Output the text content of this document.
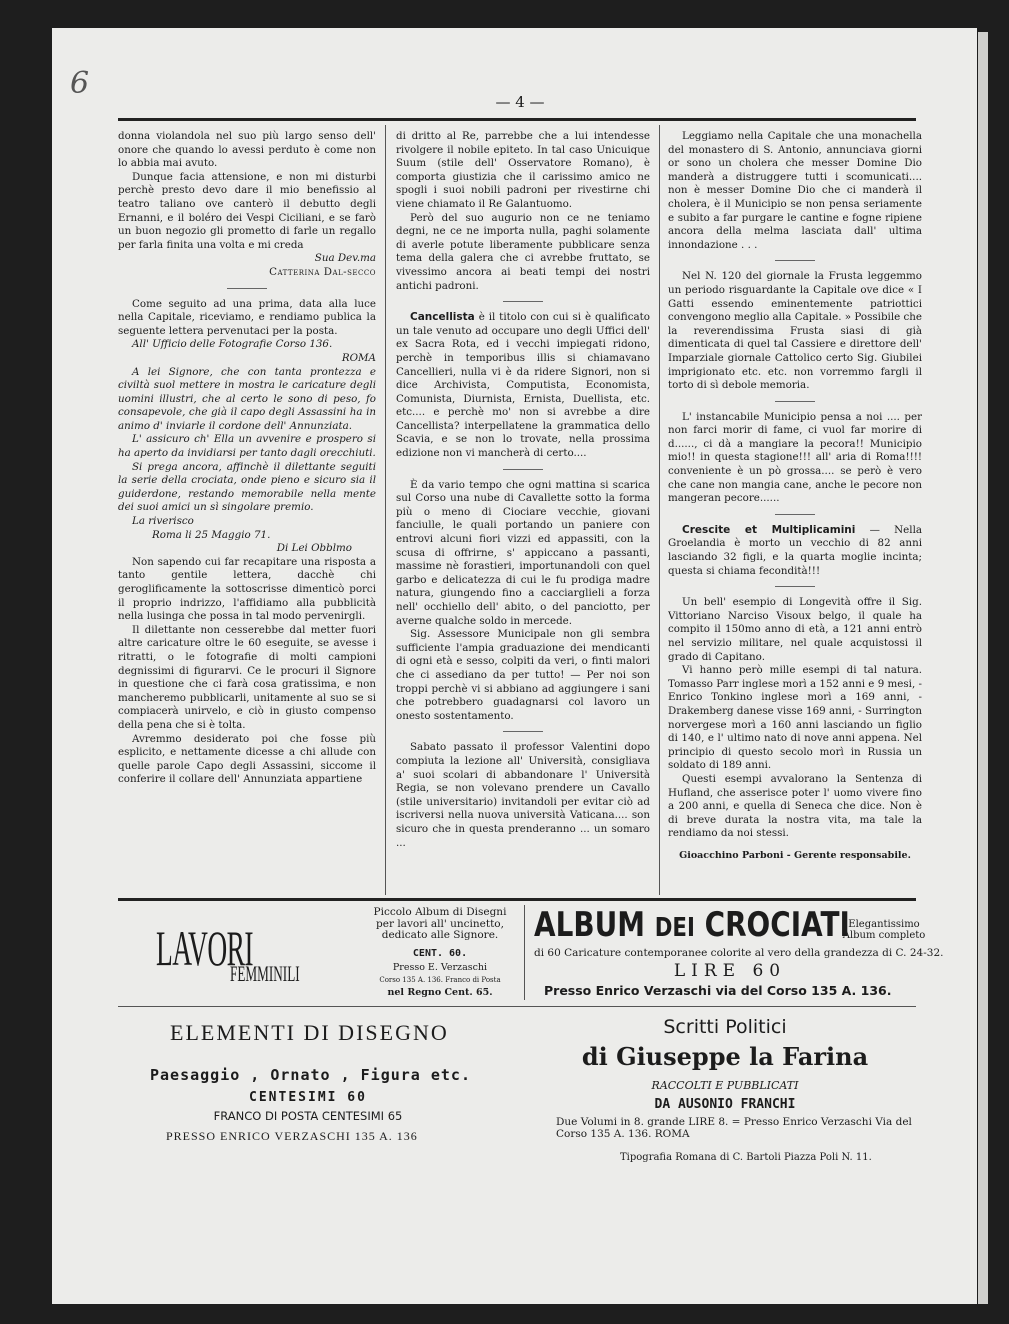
6
— 4 —

donna violandola nel suo più largo senso dell' onore che quando lo avessi perduto è come non lo abbia mai avuto.

Dunque facia attensione, e non mi disturbi perchè presto devo dare il mio benefissio al teatro taliano ove canterò il debutto degli Ernanni, e il boléro dei Vespi Ciciliani, e se farò un buon negozio gli prometto di farle un regallo per farla finita una volta e mi creda

Sua Dev.ma

Catterina Dal-secco

Come seguito ad una prima, data alla luce nella Capitale, riceviamo, e rendiamo publica la seguente lettera pervenutaci per la posta.

All' Ufficio delle Fotografie Corso 136.

ROMA

A lei Signore, che con tanta prontezza e civiltà suol mettere in mostra le caricature degli uomini illustri, che al certo le sono di peso, fo consapevole, che già il capo degli Assassini ha in animo d' inviarle il cordone dell' Annunziata.

L' assicuro ch' Ella un avvenire e prospero si ha aperto da invidiarsi per tanto dagli orecchiuti.

Si prega ancora, affinchè il dilettante seguiti la serie della crociata, onde pieno e sicuro sia il guiderdone, restando memorabile nella mente dei suoi amici un sì singolare premio.

La riverisco

Roma li 25 Maggio 71.

Di Lei Obblmo

Non sapendo cui far recapitare una risposta a tanto gentile lettera, dacchè chi geroglificamente la sottoscrisse dimenticò porci il proprio indrizzo, l'affidiamo alla pubblicità nella lusinga che possa in tal modo pervenirgli.

Il dilettante non cesserebbe dal metter fuori altre caricature oltre le 60 eseguite, se avesse i ritratti, o le fotografie di molti campioni degnissimi di figurarvi. Ce le procuri il Signore in questione che ci farà cosa gratissima, e non mancheremo pubblicarli, unitamente al suo se si compiacerà unirvelo, e ciò in giusto compenso della pena che si è tolta.

Avremmo desiderato poi che fosse più esplicito, e nettamente dicesse a chi allude con quelle parole Capo degli Assassini, siccome il conferire il collare dell' Annunziata appartiene

di dritto al Re, parrebbe che a lui intendesse rivolgere il nobile epiteto. In tal caso Unicuique Suum (stile dell' Osservatore Romano), è comporta giustizia che il carissimo amico ne spogli i suoi nobili padroni per rivestirne chi viene chiamato il Re Galantuomo.

Però del suo augurio non ce ne teniamo degni, ne ce ne importa nulla, paghi solamente di averle potute liberamente pubblicare senza tema della galera che ci avrebbe fruttato, se vivessimo ancora ai beati tempi dei nostri antichi padroni.

Cancellista è il titolo con cui si è qualificato un tale venuto ad occupare uno degli Uffici dell' ex Sacra Rota, ed i vecchi impiegati ridono, perchè in temporibus illis si chiamavano Cancellieri, nulla vi è da ridere Signori, non si dice Archivista, Computista, Economista, Comunista, Diurnista, Ernista, Duellista, etc. etc.... e perchè mo' non si avrebbe a dire Cancellista? interpellatene la grammatica dello Scavia, e se non lo trovate, nella prossima edizione non vi mancherà di certo....

È da vario tempo che ogni mattina si scarica sul Corso una nube di Cavallette sotto la forma più o meno di Ciociare vecchie, giovani fanciulle, le quali portando un paniere con entrovi alcuni fiori vizzi ed appassiti, con la scusa di offrirne, s' appiccano a passanti, massime nè forastieri, importunandoli con quel garbo e delicatezza di cui le fu prodiga madre natura, giungendo fino a cacciarglieli a forza nell' occhiello dell' abito, o del panciotto, per averne qualche soldo in mercede.

Sig. Assessore Municipale non gli sembra sufficiente l'ampia graduazione dei mendicanti di ogni età e sesso, colpiti da veri, o finti malori che ci assediano da per tutto! — Per noi son troppi perchè vi si abbiano ad aggiungere i sani che potrebbero guadagnarsi col lavoro un onesto sostentamento.

Sabato passato il professor Valentini dopo compiuta la lezione all' Università, consigliava a' suoi scolari di abbandonare l' Università Regia, se non volevano prendere un Cavallo (stile universitario) invitandoli per evitar ciò ad iscriversi nella nuova università Vaticana.... son sicuro che in questa prenderanno ... un somaro ...

Leggiamo nella Capitale che una monachella del monastero di S. Antonio, annunciava giorni or sono un cholera che messer Domine Dio manderà a distruggere tutti i scomunicati.... non è messer Domine Dio che ci manderà il cholera, è il Municipio se non pensa seriamente e subito a far purgare le cantine e fogne ripiene ancora della melma lasciata dall' ultima innondazione . . .

Nel N. 120 del giornale la Frusta leggemmo un periodo risguardante la Capitale ove dice « I Gatti essendo eminentemente patriottici convengono meglio alla Capitale. » Possibile che la reverendissima Frusta siasi di già dimenticata di quel tal Cassiere e direttore dell' Imparziale giornale Cattolico certo Sig. Giubilei imprigionato etc. etc. non vorremmo fargli il torto di sì debole memoria.

L' instancabile Municipio pensa a noi .... per non farci morir di fame, ci vuol far morire di d......, ci dà a mangiare la pecora!! Municipio mio!! in questa stagione!!! all' aria di Roma!!!! conveniente è un pò grossa.... se però è vero che cane non mangia cane, anche le pecore non mangeran pecore......

Crescite et Multiplicamini — Nella Groelandia è morto un vecchio di 82 anni lasciando 32 figli, e la quarta moglie incinta; questa si chiama fecondità!!!

Un bell' esempio di Longevità offre il Sig. Vittoriano Narciso Visoux belgo, il quale ha compito il 150mo anno di età, a 121 anni entrò nel servizio militare, nel quale acquistossi il grado di Capitano.

Vi hanno però mille esempi di tal natura. Tomasso Parr inglese morì a 152 anni e 9 mesi, - Enrico Tonkino inglese morì a 169 anni, - Drakemberg danese visse 169 anni, - Surrington norvergese morì a 160 anni lasciando un figlio di 140, e l' ultimo nato di nove anni appena. Nel principio di questo secolo morì in Russia un soldato di 189 anni.

Questi esempi avvalorano la Sentenza di Hufland, che asserisce poter l' uomo vivere fino a 200 anni, e quella di Seneca che dice. Non è di breve durata la nostra vita, ma tale la rendiamo da noi stessi.

Gioacchino Parboni - Gerente responsabile.

LAVORI
FEMMINILI
Piccolo Album di Disegni per lavori all' uncinetto, dedicato alle Signore.
CENT. 60.
Presso E. Verzaschi
Corso 135 A. 136. Franco di Posta
nel Regno Cent. 65.
ALBUM DEI CROCIATI
Elegantissimo Album completo
di 60 Caricature contemporanee colorite al vero della grandezza di C. 24-32.
LIRE 60
Presso Enrico Verzaschi via del Corso 135 A. 136.
ELEMENTI DI DISEGNO
Paesaggio , Ornato , Figura etc.
CENTESIMI 60
FRANCO DI POSTA CENTESIMI 65
PRESSO ENRICO VERZASCHI 135 A. 136
Scritti Politici
di Giuseppe la Farina
RACCOLTI E PUBBLICATI
DA AUSONIO FRANCHI
Due Volumi in 8. grande LIRE 8. = Presso Enrico Verzaschi Via del Corso 135 A. 136. ROMA
Tipografia Romana di C. Bartoli Piazza Poli N. 11.
